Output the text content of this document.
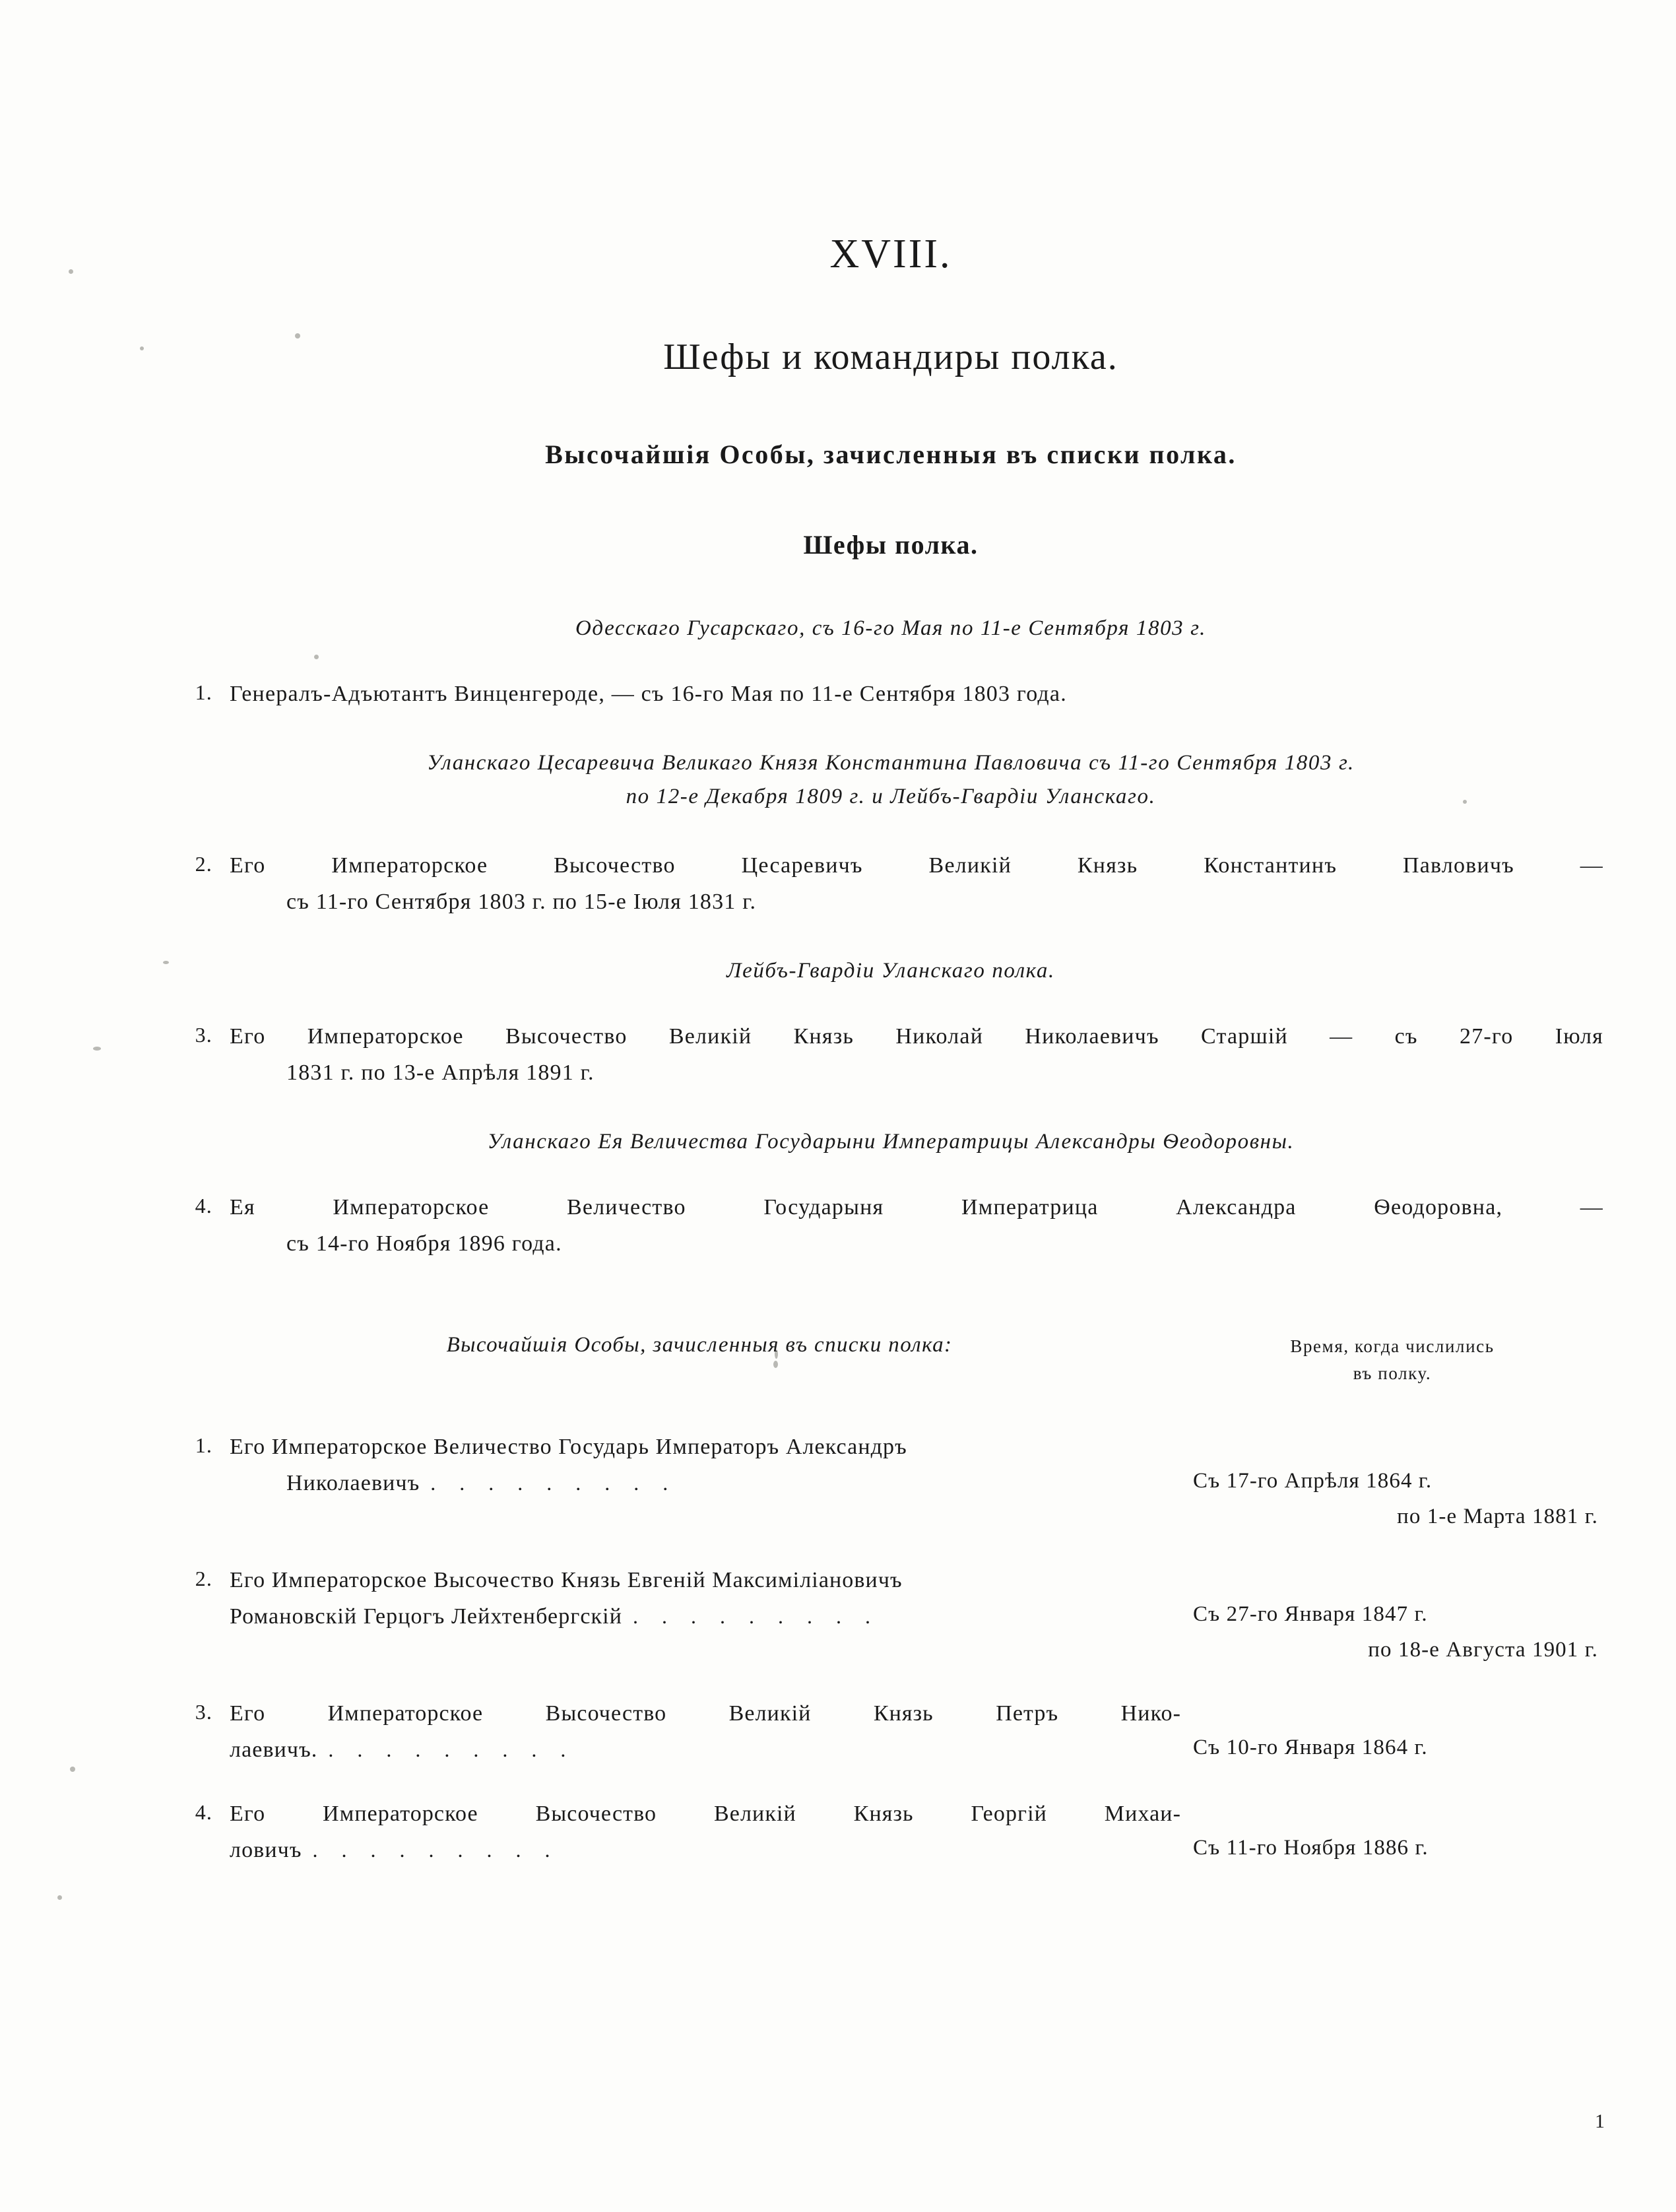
XVIII.
Шефы и командиры полка.
Высочайшія Особы, зачисленныя въ списки полка.
Шефы полка.
Одесскаго Гусарскаго, съ 16-го Мая по 11-е Сентября 1803 г.
1. Генералъ-Адъютантъ Винценгероде, — съ 16-го Мая по 11-е Сентября 1803 года.
Уланскаго Цесаревича Великаго Князя Константина Павловича съ 11-го Сентября 1803 г.
по 12-е Декабря 1809 г. и Лейбъ-Гвардіи Уланскаго.
2. Его Императорское Высочество Цесаревичъ Великій Князь Константинъ Павловичъ —
съ 11-го Сентября 1803 г. по 15-е Іюля 1831 г.
Лейбъ-Гвардіи Уланскаго полка.
3. Его Императорское Высочество Великій Князь Николай Николаевичъ Старшій — съ 27-го Іюля
1831 г. по 13-е Апрѣля 1891 г.
Уланскаго Ея Величества Государыни Императрицы Александры Ѳеодоровны.
4. Ея Императорское Величество Государыня Императрица Александра Ѳеодоровна, —
съ 14-го Ноября 1896 года.
Высочайшія Особы, зачисленныя въ списки полка:	Время, когда числились
въ полку.
1. Его Императорское Величество Государь Императоръ Александръ
Николаевичъ . . . . . . . . .	Съ 17-го Апрѣля 1864 г.
по 1-е Марта 1881 г.
2. Его Императорское Высочество Князь Евгеній Максиміліановичъ
Романовскій Герцогъ Лейхтенбергскій . . . . . . . . .	Съ 27-го Января 1847 г.
по 18-е Августа 1901 г.
3. Его Императорское Высочество Великій Князь Петръ Нико-
лаевичъ. . . . . . . . . .	Съ 10-го Января 1864 г.
4. Его Императорское Высочество Великій Князь Георгій Михаи-
ловичъ . . . . . . . . .	Съ 11-го Ноября 1886 г.
1
